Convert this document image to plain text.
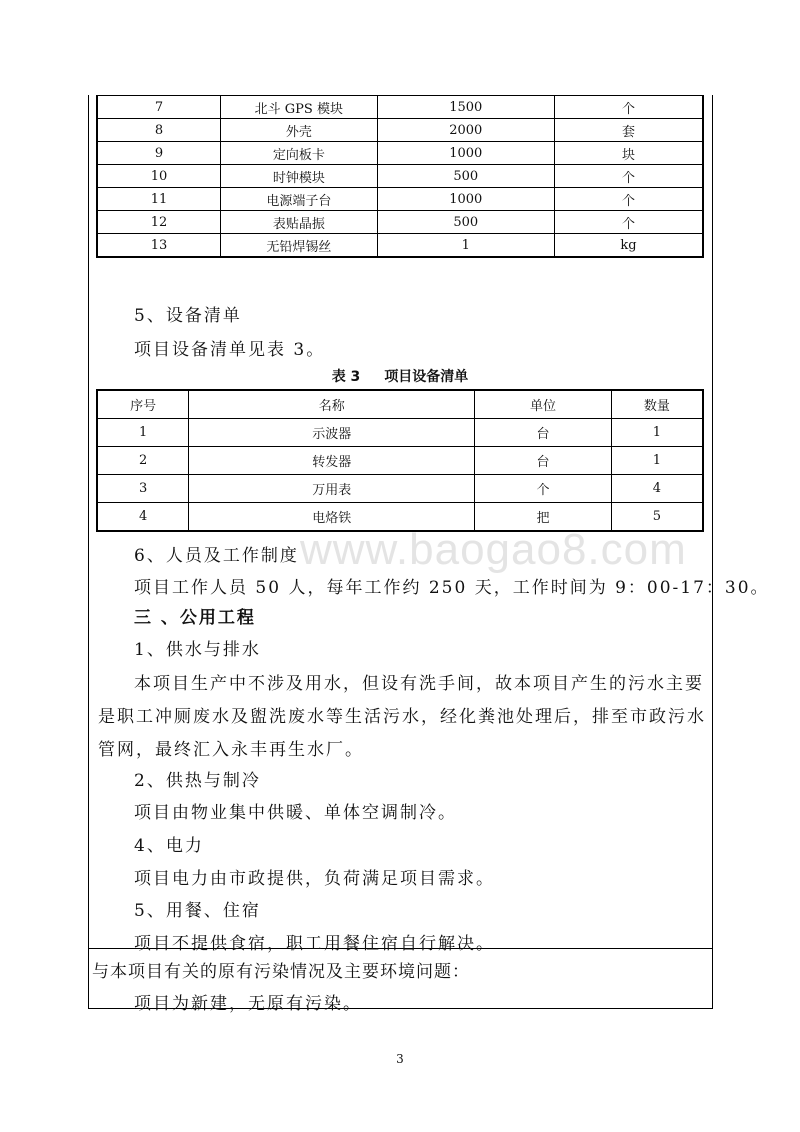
7	北斗 GPS 模块	1500	个
8	外壳	2000	套
9	定向板卡	1000	块
10	时钟模块	500	个
11	电源端子台	1000	个
12	表贴晶振	500	个
13	无铅焊锡丝	1	kg
5、设备清单
项目设备清单见表 3。
表 3 项目设备清单
序号	名称	单位	数量
1	示波器	台	1
2	转发器	台	1
3	万用表	个	4
4	电烙铁	把	5
6、人员及工作制度
项目工作人员 50 人，每年工作约 250 天，工作时间为 9：00-17：30。
三 、公用工程
1、供水与排水
本项目生产中不涉及用水，但设有洗手间，故本项目产生的污水主要
是职工冲厕废水及盥洗废水等生活污水，经化粪池处理后，排至市政污水
管网，最终汇入永丰再生水厂。
2、供热与制冷
项目由物业集中供暖、单体空调制冷。
4、电力
项目电力由市政提供，负荷满足项目需求。
5、用餐、住宿
项目不提供食宿，职工用餐住宿自行解决。
与本项目有关的原有污染情况及主要环境问题：
项目为新建，无原有污染。
www.baogao8.com
3
